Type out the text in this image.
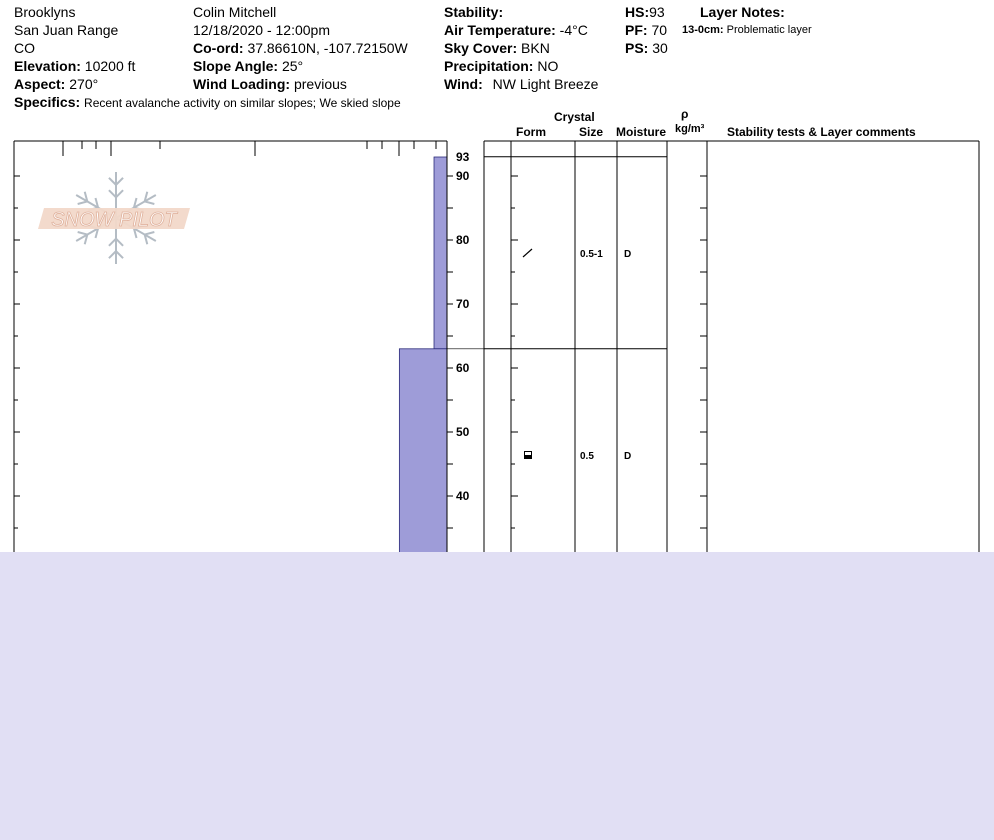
Brooklyns
San Juan Range
CO
Elevation: 10200 ft
Aspect: 270°
Specifics: Recent avalanche activity on similar slopes; We skied slope
Colin Mitchell
12/18/2020 - 12:00pm
Co-ord: 37.86610N, -107.72150W
Slope Angle: 25°
Wind Loading: previous
Stability:
Air Temperature: -4°C
Sky Cover: BKN
Precipitation: NO
Wind: NW Light Breeze
HS:93
PF: 70
PS: 30
Layer Notes:
13-0cm: Problematic layer
Crystal
Form	Size Moisture
ρ
kg/m³ Stability tests & Layer comments
SNOW PILOT
93
40
50
60
70
80
90
0.5-1 D
0.5	D
